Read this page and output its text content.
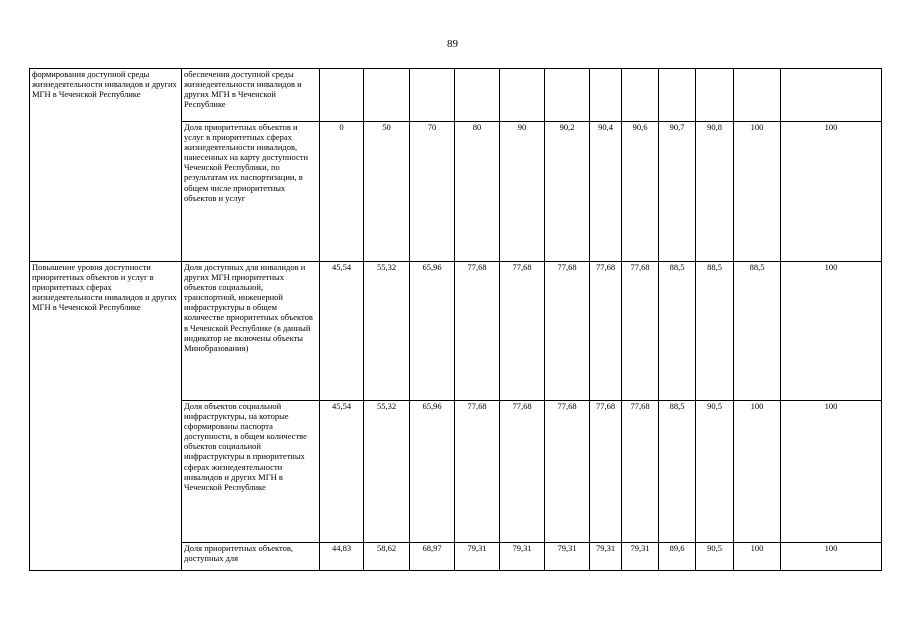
89
формирования доступной среды жизнедеятельности инвалидов и других МГН в Чеченской Республике	обеспечения доступной среды жизнедеятельности инвалидов и других МГН в Чеченской Республике												
	Доля приоритетных объектов и услуг в приоритетных сферах жизнедеятельности инвалидов, нанесенных на карту доступности Чеченской Республики, по результатам их паспортизации, в общем числе приоритетных объектов и услуг	0	50	70	80	90	90,2	90,4	90,6	90,7	90,8	100	100
Повышение уровня доступности приоритетных объектов и услуг в приоритетных сферах жизнедеятельности инвалидов и других МГН в Чеченской Республике	Доля доступных для инвалидов и других МГН приоритетных объектов социальной, транспортной, инженерной инфраструктуры в общем количестве приоритетных объектов в Чеченской Республике (в данный индикатор не включены объекты Минобразования)	45,54	55,32	65,96	77,68	77,68	77,68	77,68	77,68	88,5	88,5	88,5	100
	Доля объектов социальной инфраструктуры, на которые сформированы паспорта доступности, в общем количестве объектов социальной инфраструктуры в приоритетных сферах жизнедеятельности инвалидов и других МГН в Чеченской Республике	45,54	55,32	65,96	77,68	77,68	77,68	77,68	77,68	88,5	90,5	100	100
	Доля приоритетных объектов, доступных для	44,83	58,62	68,97	79,31	79,31	79,31	79,31	79,31	89,6	90,5	100	100
